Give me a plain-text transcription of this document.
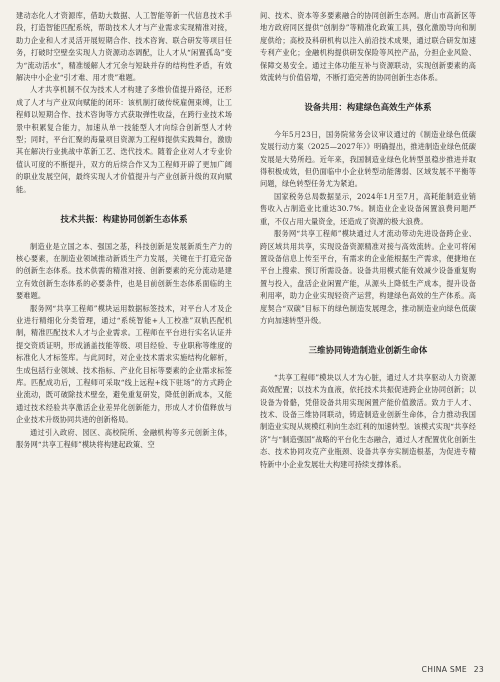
建动态化人才资源库，借助大数据、人工智能等新一代信息技术手段，打造智能匹配系统，帮助技术人才与产业需求实现精准对接，助力企业和人才灵活开展短期合作、技术咨询、联合研发等项目任务，打破时空壁垒实现人力资源动态调配，让人才从“闲置孤岛”变为“流动活水”，精准缓解人才冗余与短缺并存的结构性矛盾，有效解决中小企业“引才难、用才贵”难题。

人才共享机制不仅为技术人才构建了多维价值提升路径，还形成了人才与产业双向赋能的闭环：该机制打破传统雇佣束缚，让工程师以短期合作、技术咨询等方式获取弹性收益，在跨行业技术场景中积累复合能力，加速从单一技能型人才向综合创新型人才转型；同时，平台汇聚的海量项目资源为工程师提供实践舞台，激励其在解决行业挑战中革新工艺、迭代技术。随着企业对人才专业价值认可度的不断提升，双方的后续合作又为工程师开辟了更加广阔的职业发展空间，最终实现人才价值提升与产业创新升级的双向赋能。

技术共振：构建协同创新生态体系

制造业是立国之本、强国之基，科技创新是发展新质生产力的核心要素，在制造业领域推动新质生产力发展，关键在于打造完备的创新生态体系。技术供需的精准对接、创新要素的充分流动是建立有效创新生态体系的必要条件，也是目前创新生态体系面临的主要难题。

服务网“共享工程师”模块运用数据标签技术，对平台人才及企业进行精细化分类管理，通过“系统智能+人工校准”双轨匹配机制，精准匹配技术人才与企业需求。工程师在平台进行实名认证并提交资质证明，形成涵盖技能等级、项目经验、专业职称等维度的标准化人才标签库。与此同时，对企业技术需求实施结构化解析，生成包括行业领域、技术指标、产业化目标等要素的企业需求标签库。匹配成功后，工程师可采取“线上远程+线下驻场”的方式跨企业流动，既可破除技术壁垒，避免重复研发，降低创新成本，又能通过技术经验共享激活企业差异化创新能力，形成人才价值释放与企业技术升级协同共进的创新格局。

通过引入政府、园区、高校院所、金融机构等多元创新主体，服务网“共享工程师”模块将构建起政策、空

间、技术、资本等多要素融合的协同创新生态网。唐山市高新区等地方政府同区提供“创制券”等精准化政策工具，强化激励导向和制度供给；高校及科研机构以注入前沿技术成果，通过联合研发加速专利产业化；金融机构提供研发保险等风控产品，分担企业风险、保障交易安全。通过主体功能互补与资源联动，实现创新要素的高效流转与价值倍增，不断打造完善的协同创新生态体系。

设备共用：构建绿色高效生产体系

今年5月23日，国务院常务会议审议通过的《制造业绿色低碳发展行动方案（2025—2027年）》明确提出，推进制造业绿色低碳发展是大势所趋。近年来，我国制造业绿色化转型虽稳步推进并取得积极成效，但仍面临中小企业转型动能薄弱、区域发展不平衡等问题，绿色转型任务尤为紧迫。

国家税务总局数据显示，2024年1月至7月，高耗能制造业销售收入占制造业比重达30.7%。制造业企业设备闲置浪费问题严重，不仅占用大量资金，还造成了资源的极大浪费。

服务网“共享工程师”模块通过人才流动带动先进设备跨企业、跨区域共用共享，实现设备资源精准对接与高效流转。企业可将闲置设备信息上传至平台，有需求的企业能根据生产需求，便捷地在平台上搜索、预订所需设备。设备共用模式能有效减少设备重复购置与投入，盘活企业闲置产能，从源头上降低生产成本，提升设备利用率，助力企业实现轻资产运营，构建绿色高效的生产体系。高度契合“双碳”目标下的绿色制造发展理念，推动制造业向绿色低碳方向加速转型升级。

三维协同铸造制造业创新生命体

“共享工程师”模块以人才为心脏，通过人才共享驱动人力资源高效配置；以技术为血液，依托技术共振促进跨企业协同创新；以设备为骨骼，凭借设备共用实现闲置产能价值激活。致力于人才、技术、设备三维协同联动，铸造制造业创新生命体，合力推动我国制造业实现从规模红利向生态红利的加速转型。该模式实现“共享经济”与“制造强国”战略的平台化生态融合，通过人才配置优化创新生态、技术协同攻克产业瓶颈、设备共享夯实制造根基，为促进专精特新中小企业发展壮大构建可持续支撑体系。

CHINA SME 23
